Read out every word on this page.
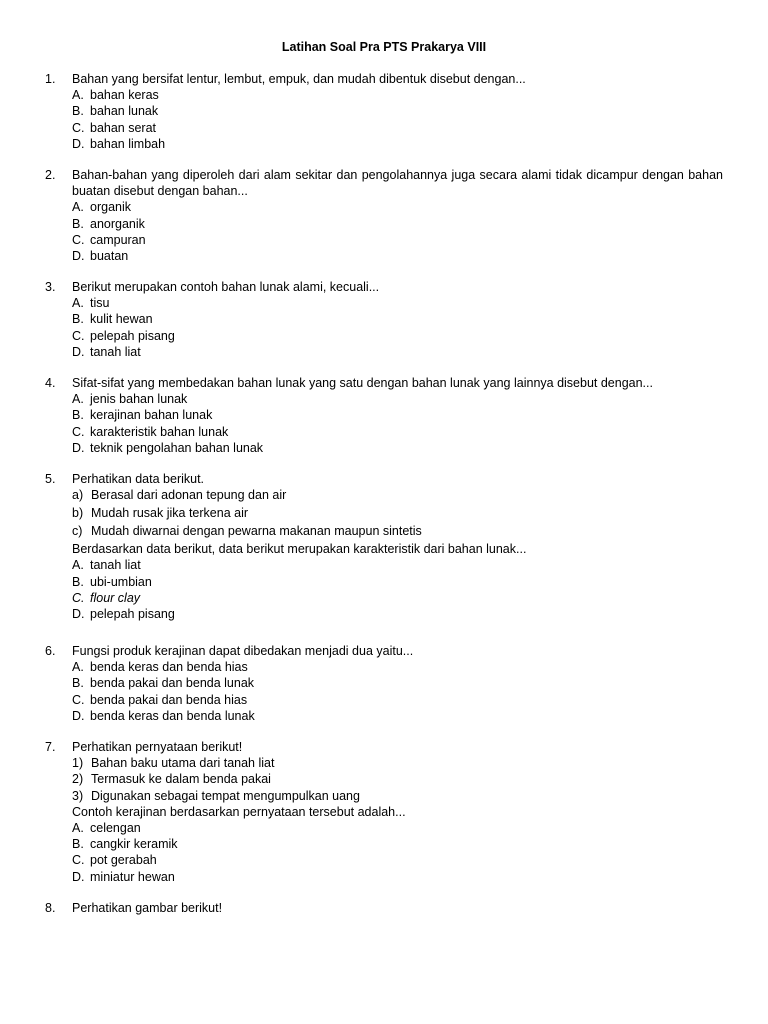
Latihan Soal Pra PTS Prakarya VIII
1. Bahan yang bersifat lentur, lembut, empuk, dan mudah dibentuk disebut dengan...
A. bahan keras
B. bahan lunak
C. bahan serat
D. bahan limbah
2. Bahan-bahan yang diperoleh dari alam sekitar dan pengolahannya juga secara alami tidak dicampur dengan bahan buatan disebut dengan bahan...
A. organik
B. anorganik
C. campuran
D. buatan
3. Berikut merupakan contoh bahan lunak alami, kecuali...
A. tisu
B. kulit hewan
C. pelepah pisang
D. tanah liat
4. Sifat-sifat yang membedakan bahan lunak yang satu dengan bahan lunak yang lainnya disebut dengan...
A. jenis bahan lunak
B. kerajinan bahan lunak
C. karakteristik bahan lunak
D. teknik pengolahan bahan lunak
5. Perhatikan data berikut.
a) Berasal dari adonan tepung dan air
b) Mudah rusak jika terkena air
c) Mudah diwarnai dengan pewarna makanan maupun sintetis
Berdasarkan data berikut, data berikut merupakan karakteristik dari bahan lunak...
A. tanah liat
B. ubi-umbian
C. flour clay
D. pelepah pisang
6. Fungsi produk kerajinan dapat dibedakan menjadi dua yaitu...
A. benda keras dan benda hias
B. benda pakai dan benda lunak
C. benda pakai dan benda hias
D. benda keras dan benda lunak
7. Perhatikan pernyataan berikut!
1) Bahan baku utama dari tanah liat
2) Termasuk ke dalam benda pakai
3) Digunakan sebagai tempat mengumpulkan uang
Contoh kerajinan berdasarkan pernyataan tersebut adalah...
A. celengan
B. cangkir keramik
C. pot gerabah
D. miniatur hewan
8. Perhatikan gambar berikut!
